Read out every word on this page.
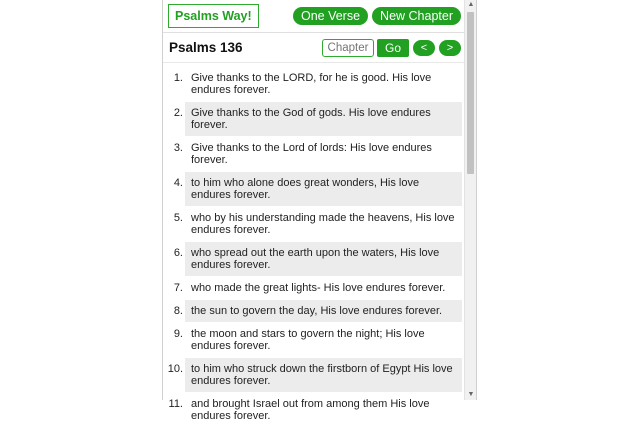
Psalms Way!	One Verse	New Chapter
Psalms 136
Chapter	Go	<	>
1. Give thanks to the LORD, for he is good. His love endures forever.
2. Give thanks to the God of gods. His love endures forever.
3. Give thanks to the Lord of lords: His love endures forever.
4. to him who alone does great wonders, His love endures forever.
5. who by his understanding made the heavens, His love endures forever.
6. who spread out the earth upon the waters, His love endures forever.
7. who made the great lights- His love endures forever.
8. the sun to govern the day, His love endures forever.
9. the moon and stars to govern the night; His love endures forever.
10. to him who struck down the firstborn of Egypt His love endures forever.
11. and brought Israel out from among them His love endures forever.
▲
▼
